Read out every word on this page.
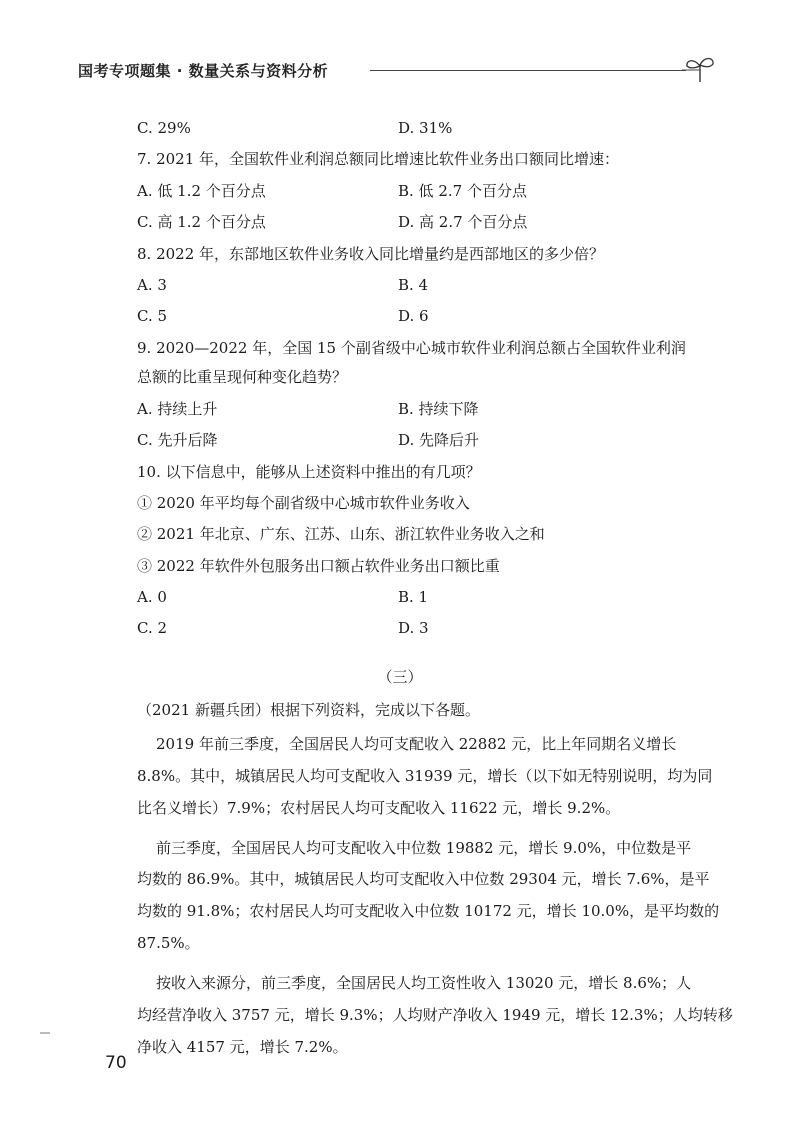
国考专项题集 · 数量关系与资料分析
C. 29%	D. 31%
7. 2021 年，全国软件业利润总额同比增速比软件业务出口额同比增速：
A. 低 1.2 个百分点	B. 低 2.7 个百分点
C. 高 1.2 个百分点	D. 高 2.7 个百分点
8. 2022 年，东部地区软件业务收入同比增量约是西部地区的多少倍？
A. 3	B. 4
C. 5	D. 6
9. 2020—2022 年，全国 15 个副省级中心城市软件业利润总额占全国软件业利润
总额的比重呈现何种变化趋势？
A. 持续上升	B. 持续下降
C. 先升后降	D. 先降后升
10. 以下信息中，能够从上述资料中推出的有几项？
① 2020 年平均每个副省级中心城市软件业务收入
② 2021 年北京、广东、江苏、山东、浙江软件业务收入之和
③ 2022 年软件外包服务出口额占软件业务出口额比重
A. 0	B. 1
C. 2	D. 3
（三）
（2021 新疆兵团）根据下列资料，完成以下各题。
2019 年前三季度，全国居民人均可支配收入 22882 元，比上年同期名义增长
8.8%。其中，城镇居民人均可支配收入 31939 元，增长（以下如无特别说明，均为同
比名义增长）7.9%；农村居民人均可支配收入 11622 元，增长 9.2%。
前三季度，全国居民人均可支配收入中位数 19882 元，增长 9.0%，中位数是平
均数的 86.9%。其中，城镇居民人均可支配收入中位数 29304 元，增长 7.6%，是平
均数的 91.8%；农村居民人均可支配收入中位数 10172 元，增长 10.0%，是平均数的
87.5%。
按收入来源分，前三季度，全国居民人均工资性收入 13020 元，增长 8.6%；人
均经营净收入 3757 元，增长 9.3%；人均财产净收入 1949 元，增长 12.3%；人均转移
净收入 4157 元，增长 7.2%。
70
